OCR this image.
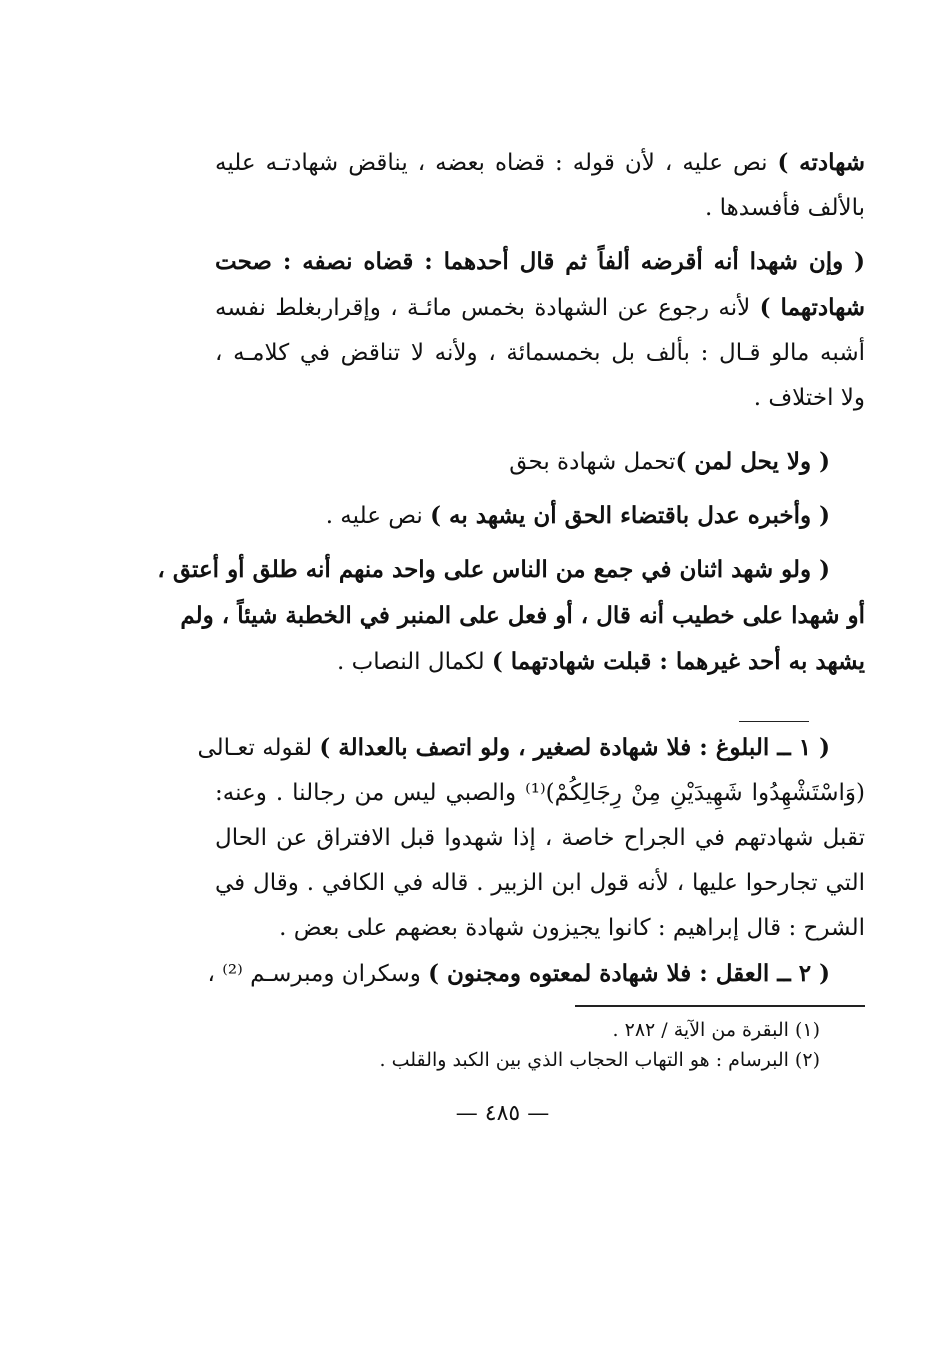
شهادته ) نص عليه ، لأن قوله : قضاه بعضه ، يناقض شهادتـه عليه
بالألف فأفسدها .
( وإن شهدا أنه أقرضه ألفاً ثم قال أحدهما : قضاه نصفه : صحت
شهادتهما ) لأنه رجوع عن الشهادة بخمس مائـة ، وإقراربغلط نفسه
أشبه مالو قـال : بألف بل بخمسمائة ، ولأنه لا تناقض في كلامـه ،
ولا اختلاف .
( ولا يحل لمن )تحمل شهادة بحق
( وأخبره عدل باقتضاء الحق أن يشهد به ) نص عليه .
( ولو شهد اثنان في جمع من الناس على واحد منهم أنه طلق أو أعتق ،
أو شهدا على خطيب أنه قال ، أو فعل على المنبر في الخطبة شيئاً ، ولم
يشهد به أحد غيرهما : قبلت شهادتهما ) لكمال النصاب .
( ١ ــ البلوغ : فلا شهادة لصغير ، ولو اتصف بالعدالة ) لقوله تعـالى
(وَاسْتَشْهِدُوا شَهِيدَيْنِ مِنْ رِجَالِكُمْ)⁽¹⁾ والصبي ليس من رجالنا . وعنه:
تقبل شهادتهم في الجراح خاصة ، إذا شهدوا قبل الافتراق عن الحال
التي تجارحوا عليها ، لأنه قول ابن الزبير . قاله في الكافي . وقال في
الشرح : قال إبراهيم : كانوا يجيزون شهادة بعضهم على بعض .
( ٢ ــ العقل : فلا شهادة لمعتوه ومجنون ) وسكران ومبرسـم ⁽²⁾ ،
(١) البقرة من الآية / ٢٨٢ .
(٢) البرسام : هو التهاب الحجاب الذي بين الكبد والقلب .
— ٤٨٥ —
